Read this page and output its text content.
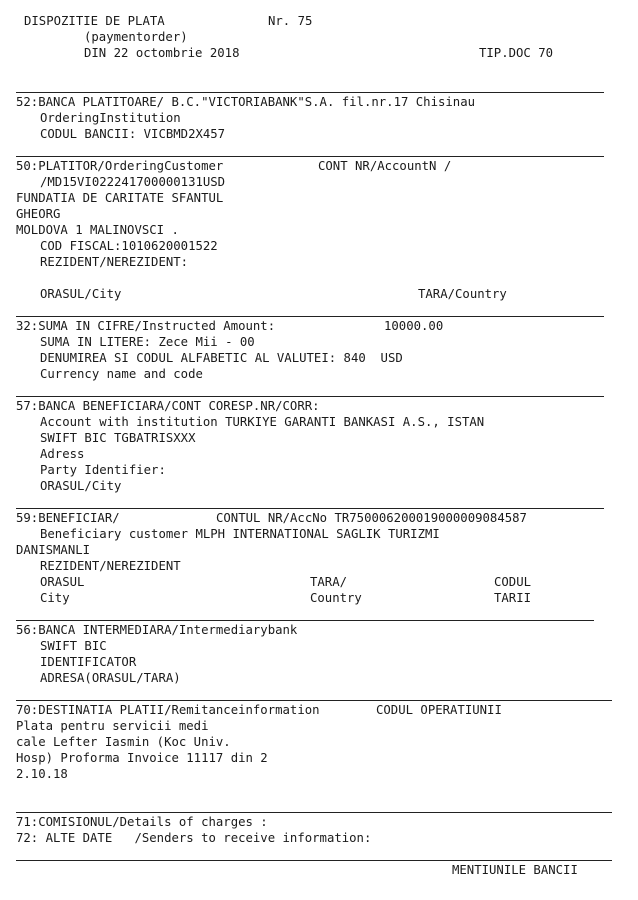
DISPOZITIE DE PLATA	Nr. 75
(paymentorder)
DIN 22 octombrie 2018	TIP.DOC 70
52:BANCA PLATITOARE/ B.C."VICTORIABANK"S.A. fil.nr.17 Chisinau
OrderingInstitution
CODUL BANCII: VICBMD2X457
50:PLATITOR/OrderingCustomer	CONT NR/AccountN /
/MD15VI022241700000131USD
FUNDATIA DE CARITATE SFANTUL
GHEORG
MOLDOVA 1 MALINOVSCI .
COD FISCAL:1010620001522
REZIDENT/NEREZIDENT:
ORASUL/City	TARA/Country
32:SUMA IN CIFRE/Instructed Amount:	10000.00
SUMA IN LITERE: Zece Mii - 00
DENUMIREA SI CODUL ALFABETIC AL VALUTEI: 840  USD
Currency name and code
57:BANCA BENEFICIARA/CONT CORESP.NR/CORR:
Account with institution TURKIYE GARANTI BANKASI A.S., ISTAN
SWIFT BIC TGBATRISXXX
Adress
Party Identifier:
ORASUL/City
59:BENEFICIAR/	CONTUL NR/AccNo TR750006200019000009084587
Beneficiary customer MLPH INTERNATIONAL SAGLIK TURIZMI
DANISMANLI
REZIDENT/NEREZIDENT
ORASUL	TARA/	CODUL
City	Country	TARII
56:BANCA INTERMEDIARA/Intermediarybank
SWIFT BIC
IDENTIFICATOR
ADRESA(ORASUL/TARA)
70:DESTINATIA PLATII/Remitanceinformation	CODUL OPERATIUNII
Plata pentru servicii medi
cale Lefter Iasmin (Koc Univ.
Hosp) Proforma Invoice 11117 din 2
2.10.18
71:COMISIONUL/Details of charges :
72: ALTE DATE   /Senders to receive information:
MENTIUNILE BANCII
